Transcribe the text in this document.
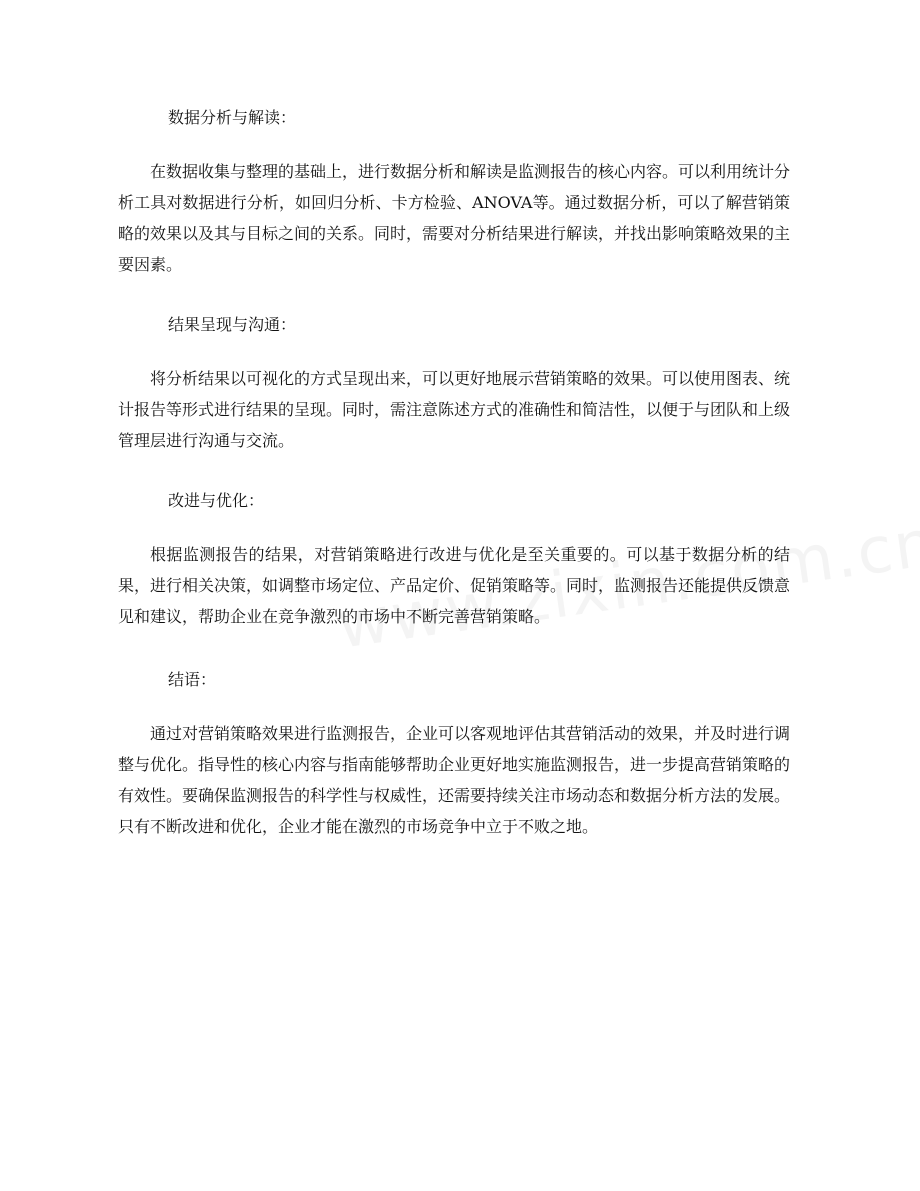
数据分析与解读：

在数据收集与整理的基础上，进行数据分析和解读是监测报告的核心内容。可以利用统计分析工具对数据进行分析，如回归分析、卡方检验、ANOVA等。通过数据分析，可以了解营销策略的效果以及其与目标之间的关系。同时，需要对分析结果进行解读，并找出影响策略效果的主要因素。

结果呈现与沟通：

将分析结果以可视化的方式呈现出来，可以更好地展示营销策略的效果。可以使用图表、统计报告等形式进行结果的呈现。同时，需注意陈述方式的准确性和简洁性，以便于与团队和上级管理层进行沟通与交流。

改进与优化：

根据监测报告的结果，对营销策略进行改进与优化是至关重要的。可以基于数据分析的结果，进行相关决策，如调整市场定位、产品定价、促销策略等。同时，监测报告还能提供反馈意见和建议，帮助企业在竞争激烈的市场中不断完善营销策略。

结语：

通过对营销策略效果进行监测报告，企业可以客观地评估其营销活动的效果，并及时进行调整与优化。指导性的核心内容与指南能够帮助企业更好地实施监测报告，进一步提高营销策略的有效性。要确保监测报告的科学性与权威性，还需要持续关注市场动态和数据分析方法的发展。只有不断改进和优化，企业才能在激烈的市场竞争中立于不败之地。
